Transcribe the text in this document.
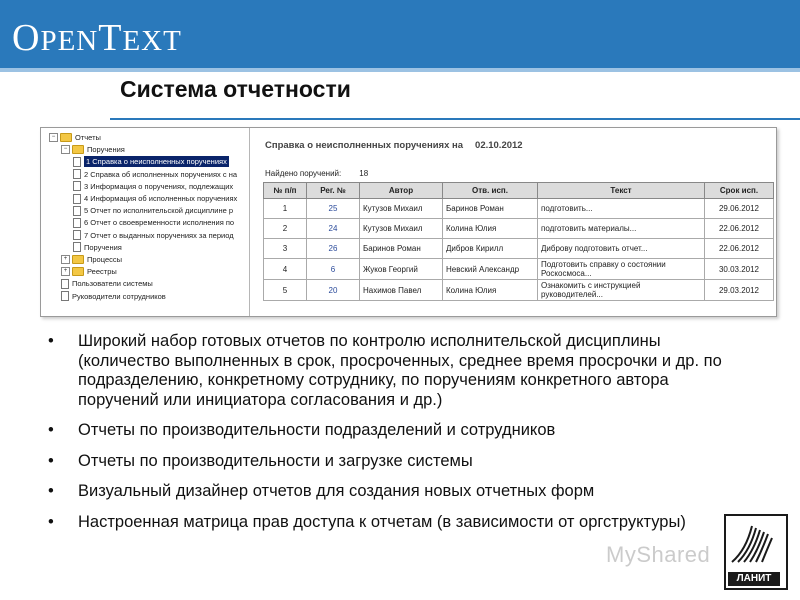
OPENTEXT
Система отчетности
−	Отчеты
−	Поручения
1 Справка о неисполненных поручениях
2 Справка об исполненных поручениях с на
3 Информация о поручениях, подлежащих
4 Информация об исполненных поручениях
5 Отчет по исполнительской дисциплине р
6 Отчет о своевременности исполнения по
7 Отчет о выданных поручениях за период
Поручения
+	Процессы
+	Реестры
Пользователи системы
Руководители сотрудников
Справка о неисполненных поручениях на 02.10.2012
Найдено поручений: 18
№ п/п	Рег. №	Автор	Отв. исп.	Текст	Срок исп.
1	25	Кутузов Михаил	Баринов Роман	подготовить...	29.06.2012
2	24	Кутузов Михаил	Колина Юлия	подготовить материалы...	22.06.2012
3	26	Баринов Роман	Дибров Кирилл	Диброву подготовить отчет...	22.06.2012
4	6	Жуков Георгий	Невский Александр	Подготовить справку о состоянии Роскосмоса...	30.03.2012
5	20	Нахимов Павел	Колина Юлия	Ознакомить с инструкцией руководителей...	29.03.2012
• Широкий набор готовых отчетов по контролю исполнительской дисциплины (количество выполненных в срок, просроченных, среднее время просрочки и др. по подразделению, конкретному сотруднику, по поручениям конкретного автора поручений или инициатора согласования и др.)
• Отчеты по производительности подразделений и сотрудников
• Отчеты по производительности и загрузке системы
• Визуальный дизайнер отчетов для создания новых отчетных форм
• Настроенная матрица прав доступа к отчетам (в зависимости от оргструктуры)
ЛАНИТ
MyShared
